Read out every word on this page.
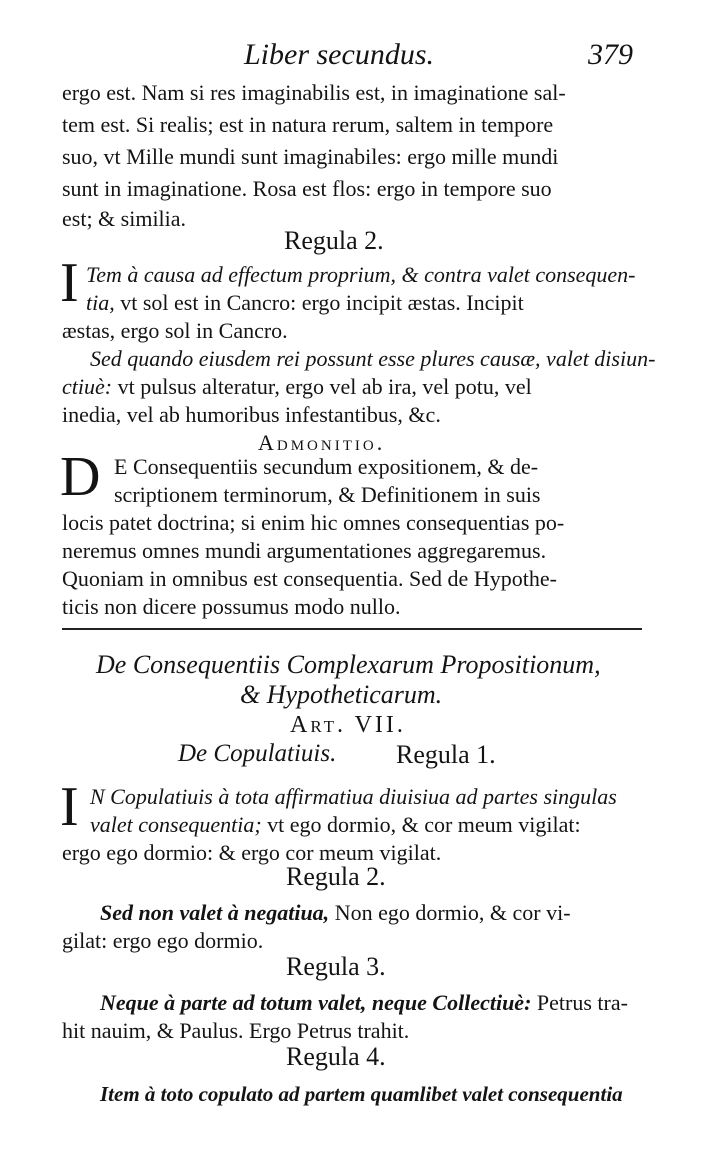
Liber secundus.	379
ergo est. Nam si res imaginabilis est, in imaginatione sal-
tem est. Si realis; est in natura rerum, saltem in tempore
suo, vt Mille mundi sunt imaginabiles: ergo mille mundi
sunt in imaginatione. Rosa est flos: ergo in tempore suo
est; & similia.
Regula 2.
I Tem à causa ad effectum proprium, & contra valet consequen-
tia, vt sol est in Cancro: ergo incipit æstas. Incipit
æstas, ergo sol in Cancro.
Sed quando eiusdem rei possunt esse plures causæ, valet disiun-
ctiuè: vt pulsus alteratur, ergo vel ab ira, vel potu, vel
inedia, vel ab humoribus infestantibus, &c.
Admonitio.
D E Consequentiis secundum expositionem, & de-
scriptionem terminorum, & Definitionem in suis
locis patet doctrina; si enim hic omnes consequentias po-
neremus omnes mundi argumentationes aggregaremus.
Quoniam in omnibus est consequentia. Sed de Hypothe-
ticis non dicere possumus modo nullo.
De Consequentiis Complexarum Propositionum,
& Hypotheticarum.
Art. VII.
De Copulatiuis. Regula 1.
I N Copulatiuis à tota affirmatiua diuisiua ad partes singulas
valet consequentia; vt ego dormio, & cor meum vigilat:
ergo ego dormio: & ergo cor meum vigilat.
Regula 2.
Sed non valet à negatiua, Non ego dormio, & cor vi-
gilat: ergo ego dormio.
Regula 3.
Neque à parte ad totum valet, neque Collectiuè: Petrus tra-
hit nauim, & Paulus. Ergo Petrus trahit.
Regula 4.
Item à toto copulato ad partem quamlibet valet consequentia
